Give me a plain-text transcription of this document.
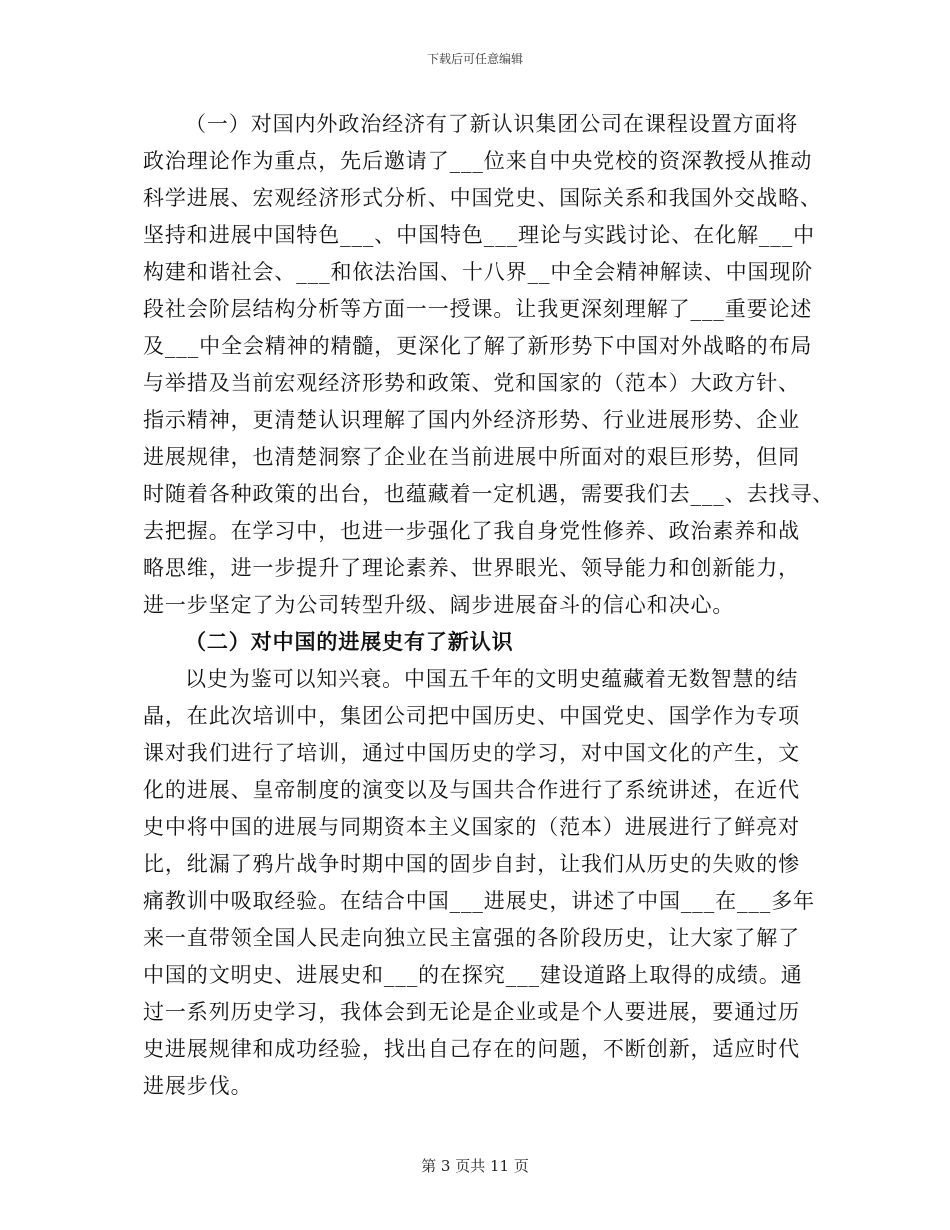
下载后可任意编辑
（一）对国内外政治经济有了新认识集团公司在课程设置方面将
政治理论作为重点，先后邀请了___位来自中央党校的资深教授从推动
科学进展、宏观经济形式分析、中国党史、国际关系和我国外交战略、
坚持和进展中国特色___、中国特色___理论与实践讨论、在化解___中
构建和谐社会、___和依法治国、十八界__中全会精神解读、中国现阶
段社会阶层结构分析等方面一一授课。让我更深刻理解了___重要论述
及___中全会精神的精髓，更深化了解了新形势下中国对外战略的布局
与举措及当前宏观经济形势和政策、党和国家的（范本）大政方针、
指示精神，更清楚认识理解了国内外经济形势、行业进展形势、企业
进展规律，也清楚洞察了企业在当前进展中所面对的艰巨形势，但同
时随着各种政策的出台，也蕴藏着一定机遇，需要我们去___、去找寻、
去把握。在学习中，也进一步强化了我自身党性修养、政治素养和战
略思维，进一步提升了理论素养、世界眼光、领导能力和创新能力，
进一步坚定了为公司转型升级、阔步进展奋斗的信心和决心。
（二）对中国的进展史有了新认识
以史为鉴可以知兴衰。中国五千年的文明史蕴藏着无数智慧的结
晶，在此次培训中，集团公司把中国历史、中国党史、国学作为专项
课对我们进行了培训，通过中国历史的学习，对中国文化的产生，文
化的进展、皇帝制度的演变以及与国共合作进行了系统讲述，在近代
史中将中国的进展与同期资本主义国家的（范本）进展进行了鲜亮对
比，纰漏了鸦片战争时期中国的固步自封，让我们从历史的失败的惨
痛教训中吸取经验。在结合中国___进展史，讲述了中国___在___多年
来一直带领全国人民走向独立民主富强的各阶段历史，让大家了解了
中国的文明史、进展史和___的在探究___建设道路上取得的成绩。通
过一系列历史学习，我体会到无论是企业或是个人要进展，要通过历
史进展规律和成功经验，找出自己存在的问题，不断创新，适应时代
进展步伐。
第 3 页共 11 页
